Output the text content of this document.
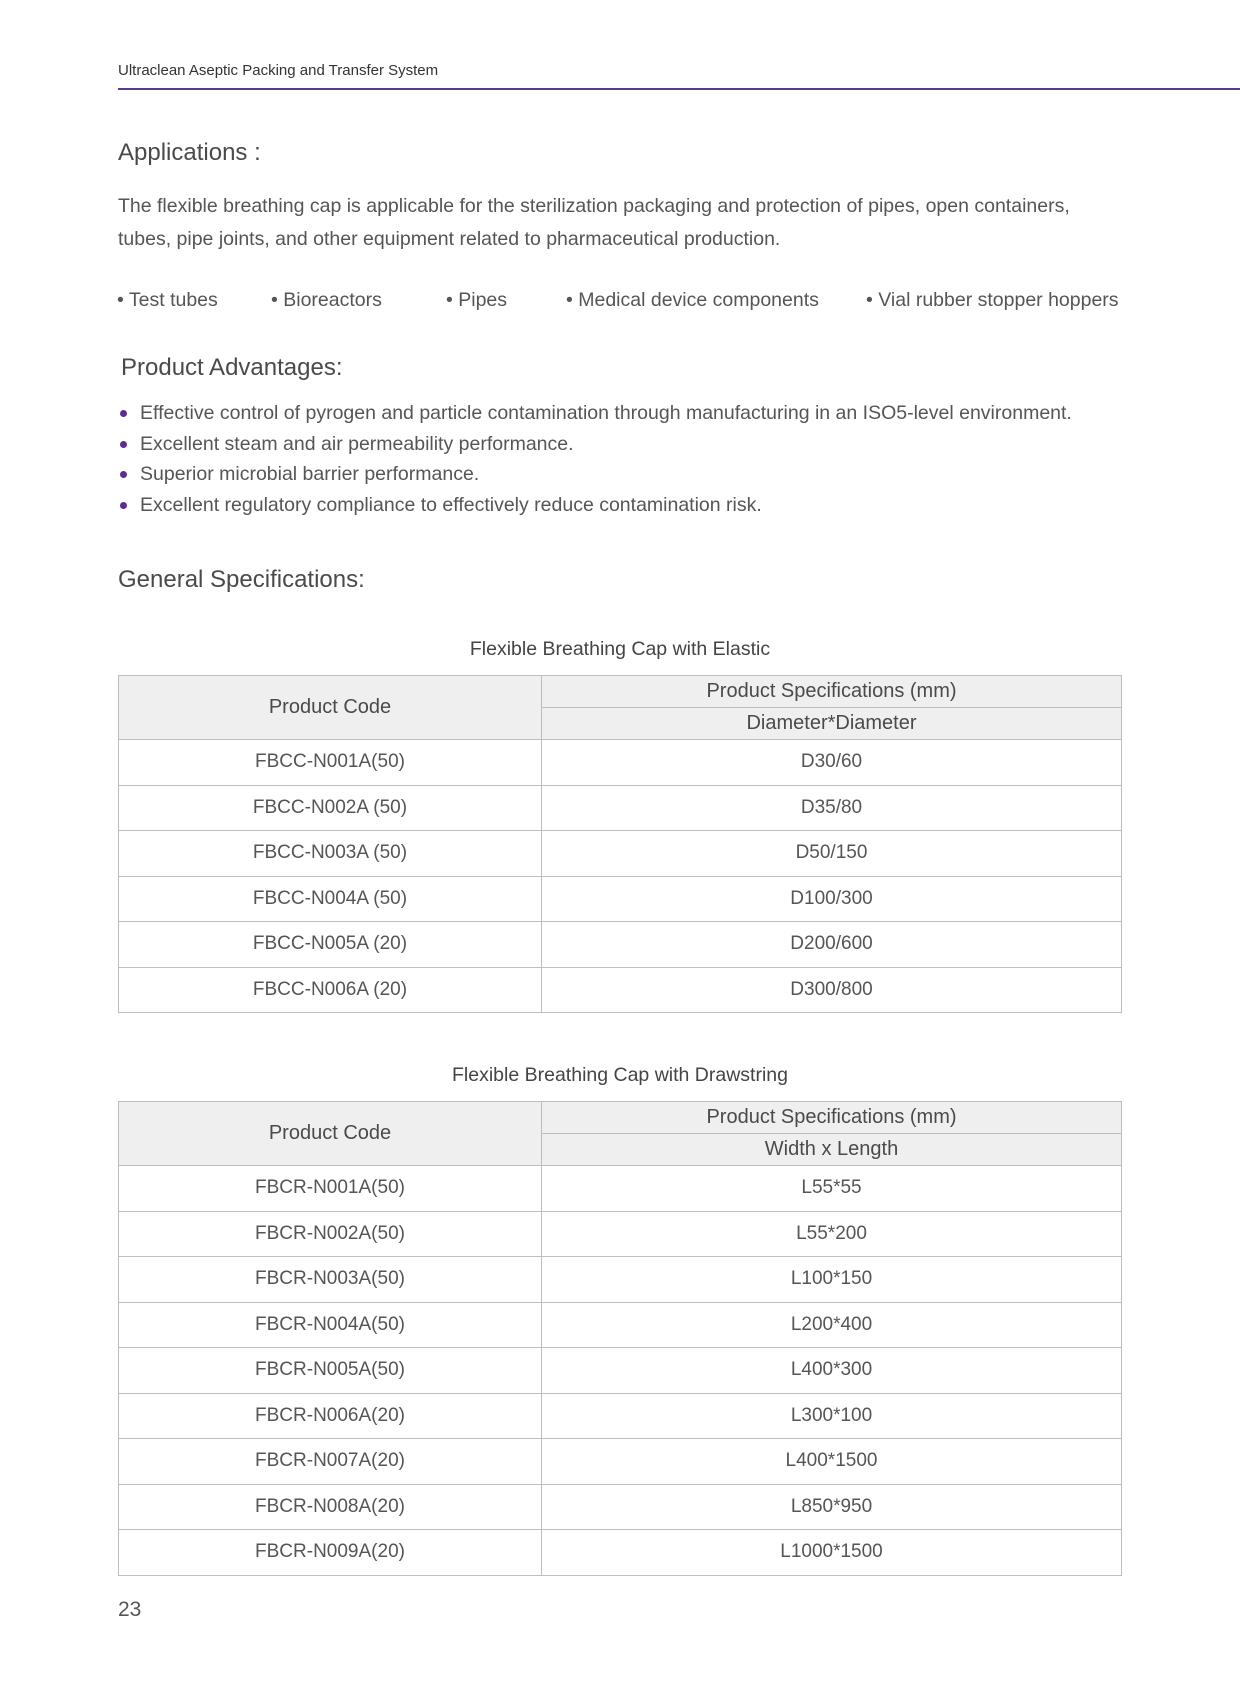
Ultraclean Aseptic Packing and Transfer System
Applications :
The flexible breathing cap is applicable for the sterilization packaging and protection of pipes, open containers, tubes, pipe joints, and other equipment related to pharmaceutical production.
• Test tubes	• Bioreactors	• Pipes	• Medical device components • Vial rubber stopper hoppers
Product Advantages:
Effective control of pyrogen and particle contamination through manufacturing in an ISO5-level environment.
Excellent steam and air permeability performance.
Superior microbial barrier performance.
Excellent regulatory compliance to effectively reduce contamination risk.
General Specifications:
Flexible Breathing Cap with Elastic
Product Code	Product Specifications (mm)
	Diameter*Diameter
FBCC-N001A(50)	D30/60
FBCC-N002A (50)	D35/80
FBCC-N003A (50)	D50/150
FBCC-N004A (50)	D100/300
FBCC-N005A (20)	D200/600
FBCC-N006A (20)	D300/800
Flexible Breathing Cap with Drawstring
Product Code	Product Specifications (mm)
	Width x Length
FBCR-N001A(50)	L55*55
FBCR-N002A(50)	L55*200
FBCR-N003A(50)	L100*150
FBCR-N004A(50)	L200*400
FBCR-N005A(50)	L400*300
FBCR-N006A(20)	L300*100
FBCR-N007A(20)	L400*1500
FBCR-N008A(20)	L850*950
FBCR-N009A(20)	L1000*1500
23
